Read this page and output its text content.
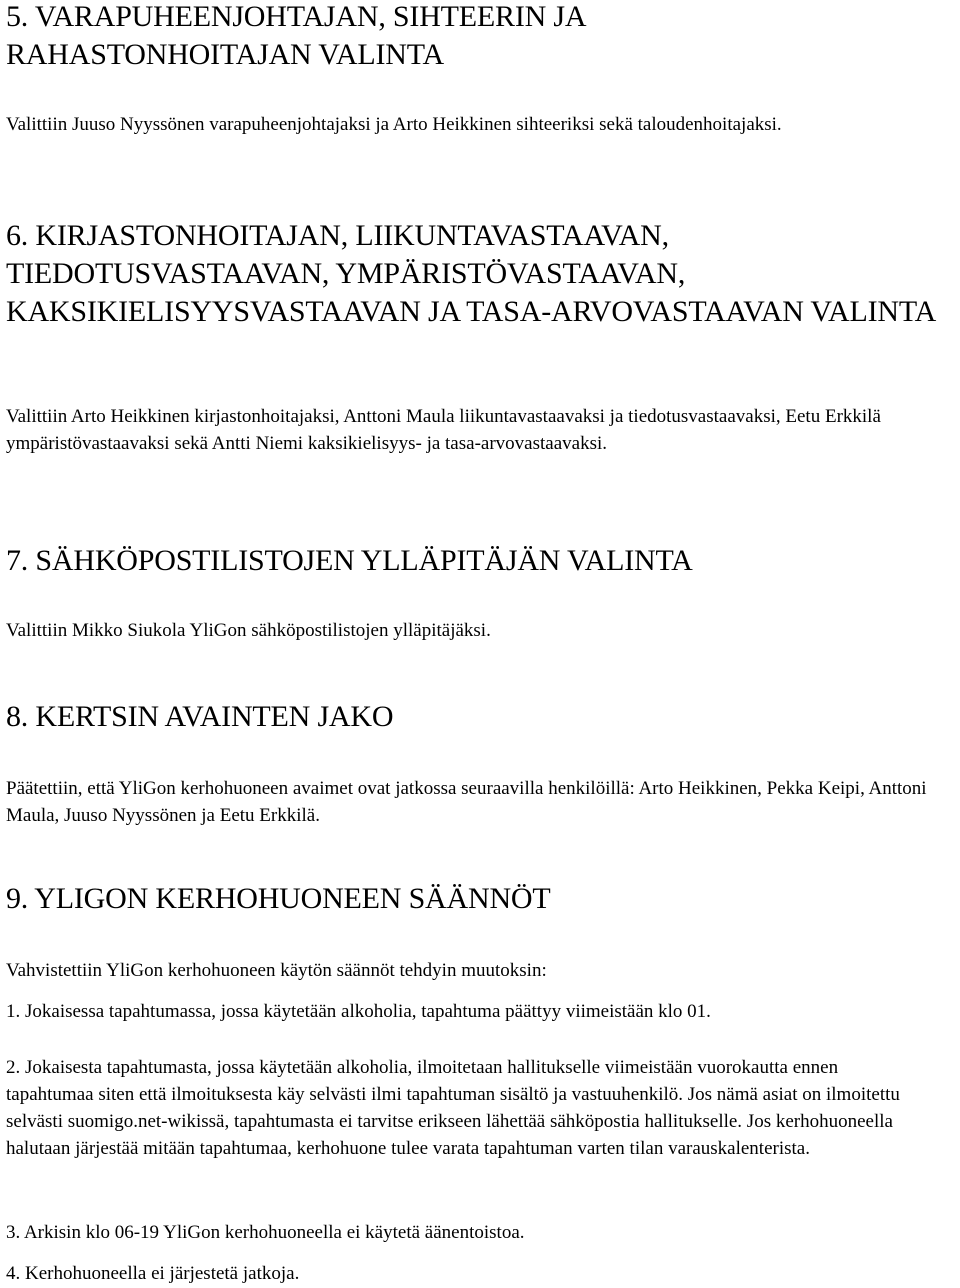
5. VARAPUHEENJOHTAJAN, SIHTEERIN JA RAHASTONHOITAJAN VALINTA

Valittiin Juuso Nyyssönen varapuheenjohtajaksi ja Arto Heikkinen sihteeriksi sekä taloudenhoitajaksi.

6. KIRJASTONHOITAJAN, LIIKUNTAVASTAAVAN, TIEDOTUSVASTAAVAN, YMPÄRISTÖVASTAAVAN, KAKSIKIELISYYSVASTAAVAN JA TASA-ARVOVASTAAVAN VALINTA

Valittiin Arto Heikkinen kirjastonhoitajaksi, Anttoni Maula liikuntavastaavaksi ja tiedotusvastaavaksi, Eetu Erkkilä ympäristövastaavaksi sekä Antti Niemi kaksikielisyys- ja tasa-arvovastaavaksi.

7. SÄHKÖPOSTILISTOJEN YLLÄPITÄJÄN VALINTA

Valittiin Mikko Siukola YliGon sähköpostilistojen ylläpitäjäksi.

8. KERTSIN AVAINTEN JAKO

Päätettiin, että YliGon kerhohuoneen avaimet ovat jatkossa seuraavilla henkilöillä: Arto Heikkinen, Pekka Keipi, Anttoni Maula, Juuso Nyyssönen ja Eetu Erkkilä.

9. YLIGON KERHOHUONEEN SÄÄNNÖT

Vahvistettiin YliGon kerhohuoneen käytön säännöt tehdyin muutoksin:

1. Jokaisessa tapahtumassa, jossa käytetään alkoholia, tapahtuma päättyy viimeistään klo 01.

2. Jokaisesta tapahtumasta, jossa käytetään alkoholia, ilmoitetaan hallitukselle viimeistään vuorokautta ennen tapahtumaa siten että ilmoituksesta käy selvästi ilmi tapahtuman sisältö ja vastuuhenkilö. Jos nämä asiat on ilmoitettu selvästi suomigo.net-wikissä, tapahtumasta ei tarvitse erikseen lähettää sähköpostia hallitukselle. Jos kerhohuoneella halutaan järjestää mitään tapahtumaa, kerhohuone tulee varata tapahtuman varten tilan varauskalenterista.

3. Arkisin klo 06-19 YliGon kerhohuoneella ei käytetä äänentoistoa.

4. Kerhohuoneella ei järjestetä jatkoja.
